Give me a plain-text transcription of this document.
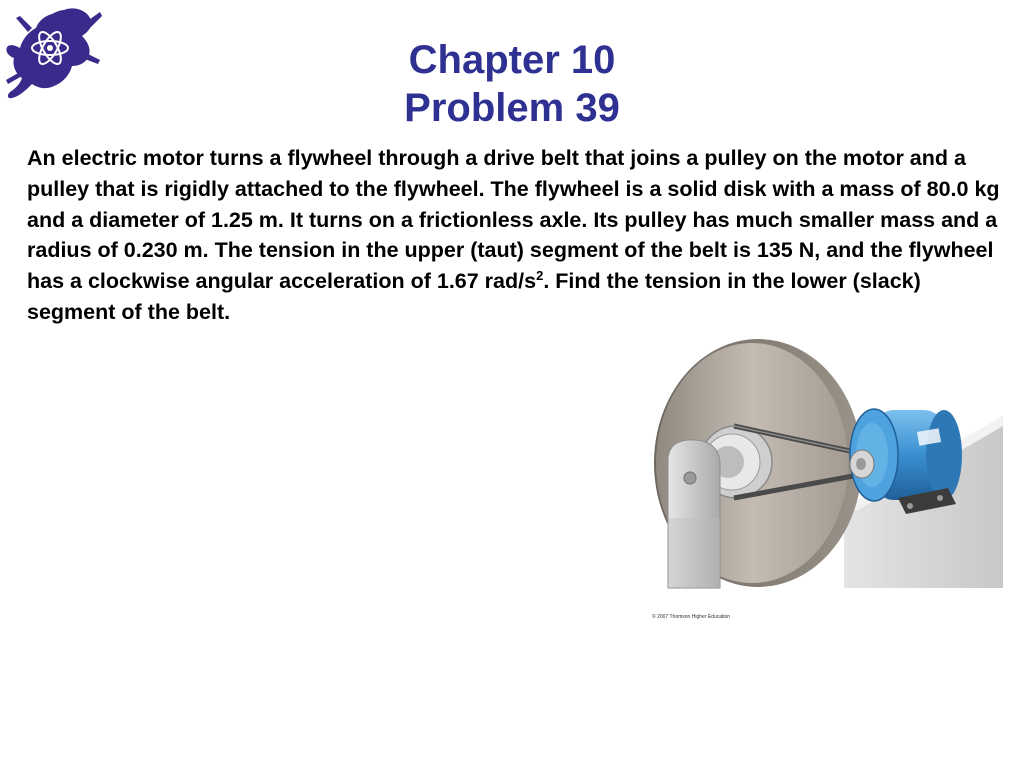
Chapter 10
Problem 39
An electric motor turns a flywheel through a drive belt that joins a pulley on the motor and a pulley that is rigidly attached to the flywheel. The flywheel is a solid disk with a mass of 80.0 kg and a diameter of 1.25 m. It turns on a frictionless axle. Its pulley has much smaller mass and a radius of 0.230 m. The tension in the upper (taut) segment of the belt is 135 N, and the flywheel has a clockwise angular acceleration of 1.67 rad/$s^2$. Find the tension in the lower (slack) segment of the belt.
© 2007 Thomson Higher Education
